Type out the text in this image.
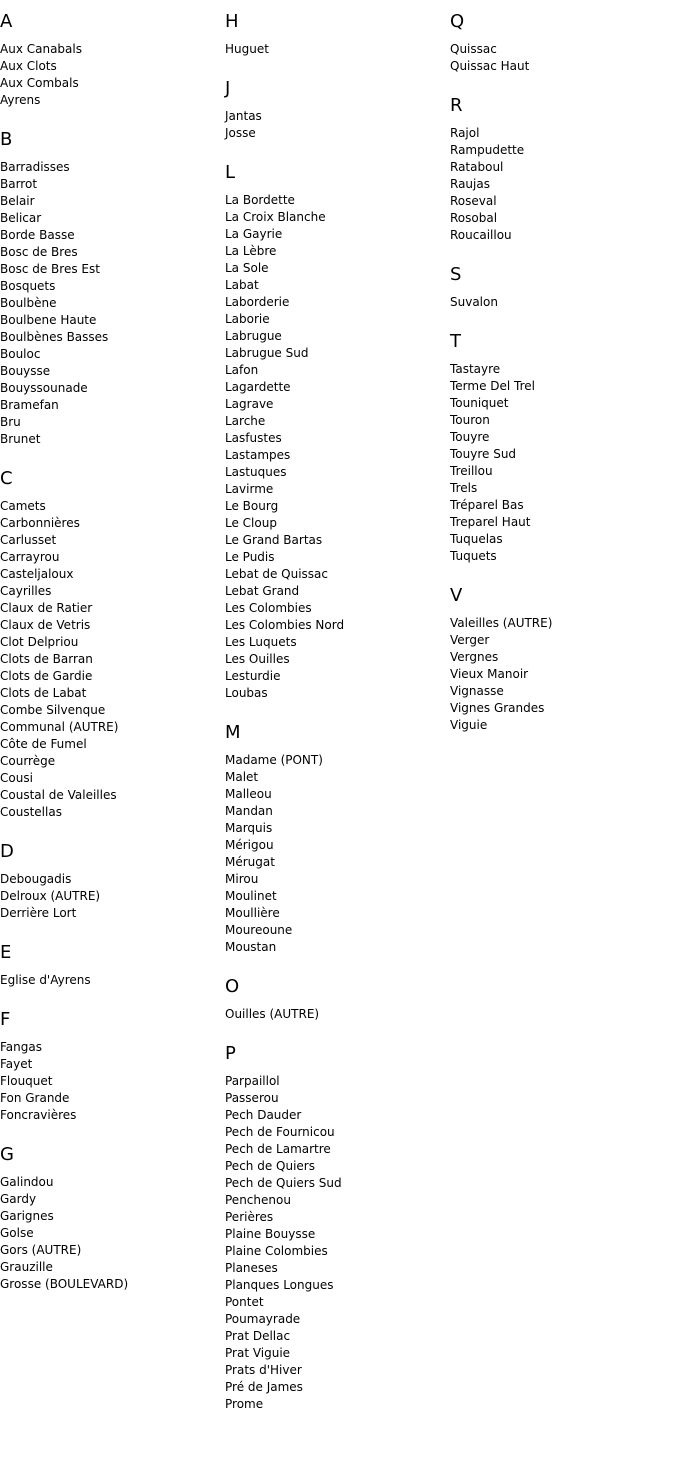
A
Aux Canabals
Aux Clots
Aux Combals
Ayrens
B
Barradisses
Barrot
Belair
Belicar
Borde Basse
Bosc de Bres
Bosc de Bres Est
Bosquets
Boulbène
Boulbene Haute
Boulbènes Basses
Bouloc
Bouysse
Bouyssounade
Bramefan
Bru
Brunet
C
Camets
Carbonnières
Carlusset
Carrayrou
Casteljaloux
Cayrilles
Claux de Ratier
Claux de Vetris
Clot Delpriou
Clots de Barran
Clots de Gardie
Clots de Labat
Combe Silvenque
Communal (AUTRE)
Côte de Fumel
Courrège
Cousi
Coustal de Valeilles
Coustellas
D
Debougadis
Delroux (AUTRE)
Derrière Lort
E
Eglise d'Ayrens
F
Fangas
Fayet
Flouquet
Fon Grande
Foncravières
G
Galindou
Gardy
Garignes
Golse
Gors (AUTRE)
Grauzille
Grosse (BOULEVARD)
H
Huguet
J
Jantas
Josse
L
La Bordette
La Croix Blanche
La Gayrie
La Lèbre
La Sole
Labat
Laborderie
Laborie
Labrugue
Labrugue Sud
Lafon
Lagardette
Lagrave
Larche
Lasfustes
Lastampes
Lastuques
Lavirme
Le Bourg
Le Cloup
Le Grand Bartas
Le Pudis
Lebat de Quissac
Lebat Grand
Les Colombies
Les Colombies Nord
Les Luquets
Les Ouilles
Lesturdie
Loubas
M
Madame (PONT)
Malet
Malleou
Mandan
Marquis
Mérigou
Mérugat
Mirou
Moulinet
Moullière
Moureoune
Moustan
O
Ouilles (AUTRE)
P
Parpaillol
Passerou
Pech Dauder
Pech de Fournicou
Pech de Lamartre
Pech de Quiers
Pech de Quiers Sud
Penchenou
Perières
Plaine Bouysse
Plaine Colombies
Planeses
Planques Longues
Pontet
Poumayrade
Prat Dellac
Prat Viguie
Prats d'Hiver
Pré de James
Prome
Q
Quissac
Quissac Haut
R
Rajol
Rampudette
Rataboul
Raujas
Roseval
Rosobal
Roucaillou
S
Suvalon
T
Tastayre
Terme Del Trel
Touniquet
Touron
Touyre
Touyre Sud
Treillou
Trels
Tréparel Bas
Treparel Haut
Tuquelas
Tuquets
V
Valeilles (AUTRE)
Verger
Vergnes
Vieux Manoir
Vignasse
Vignes Grandes
Viguie
